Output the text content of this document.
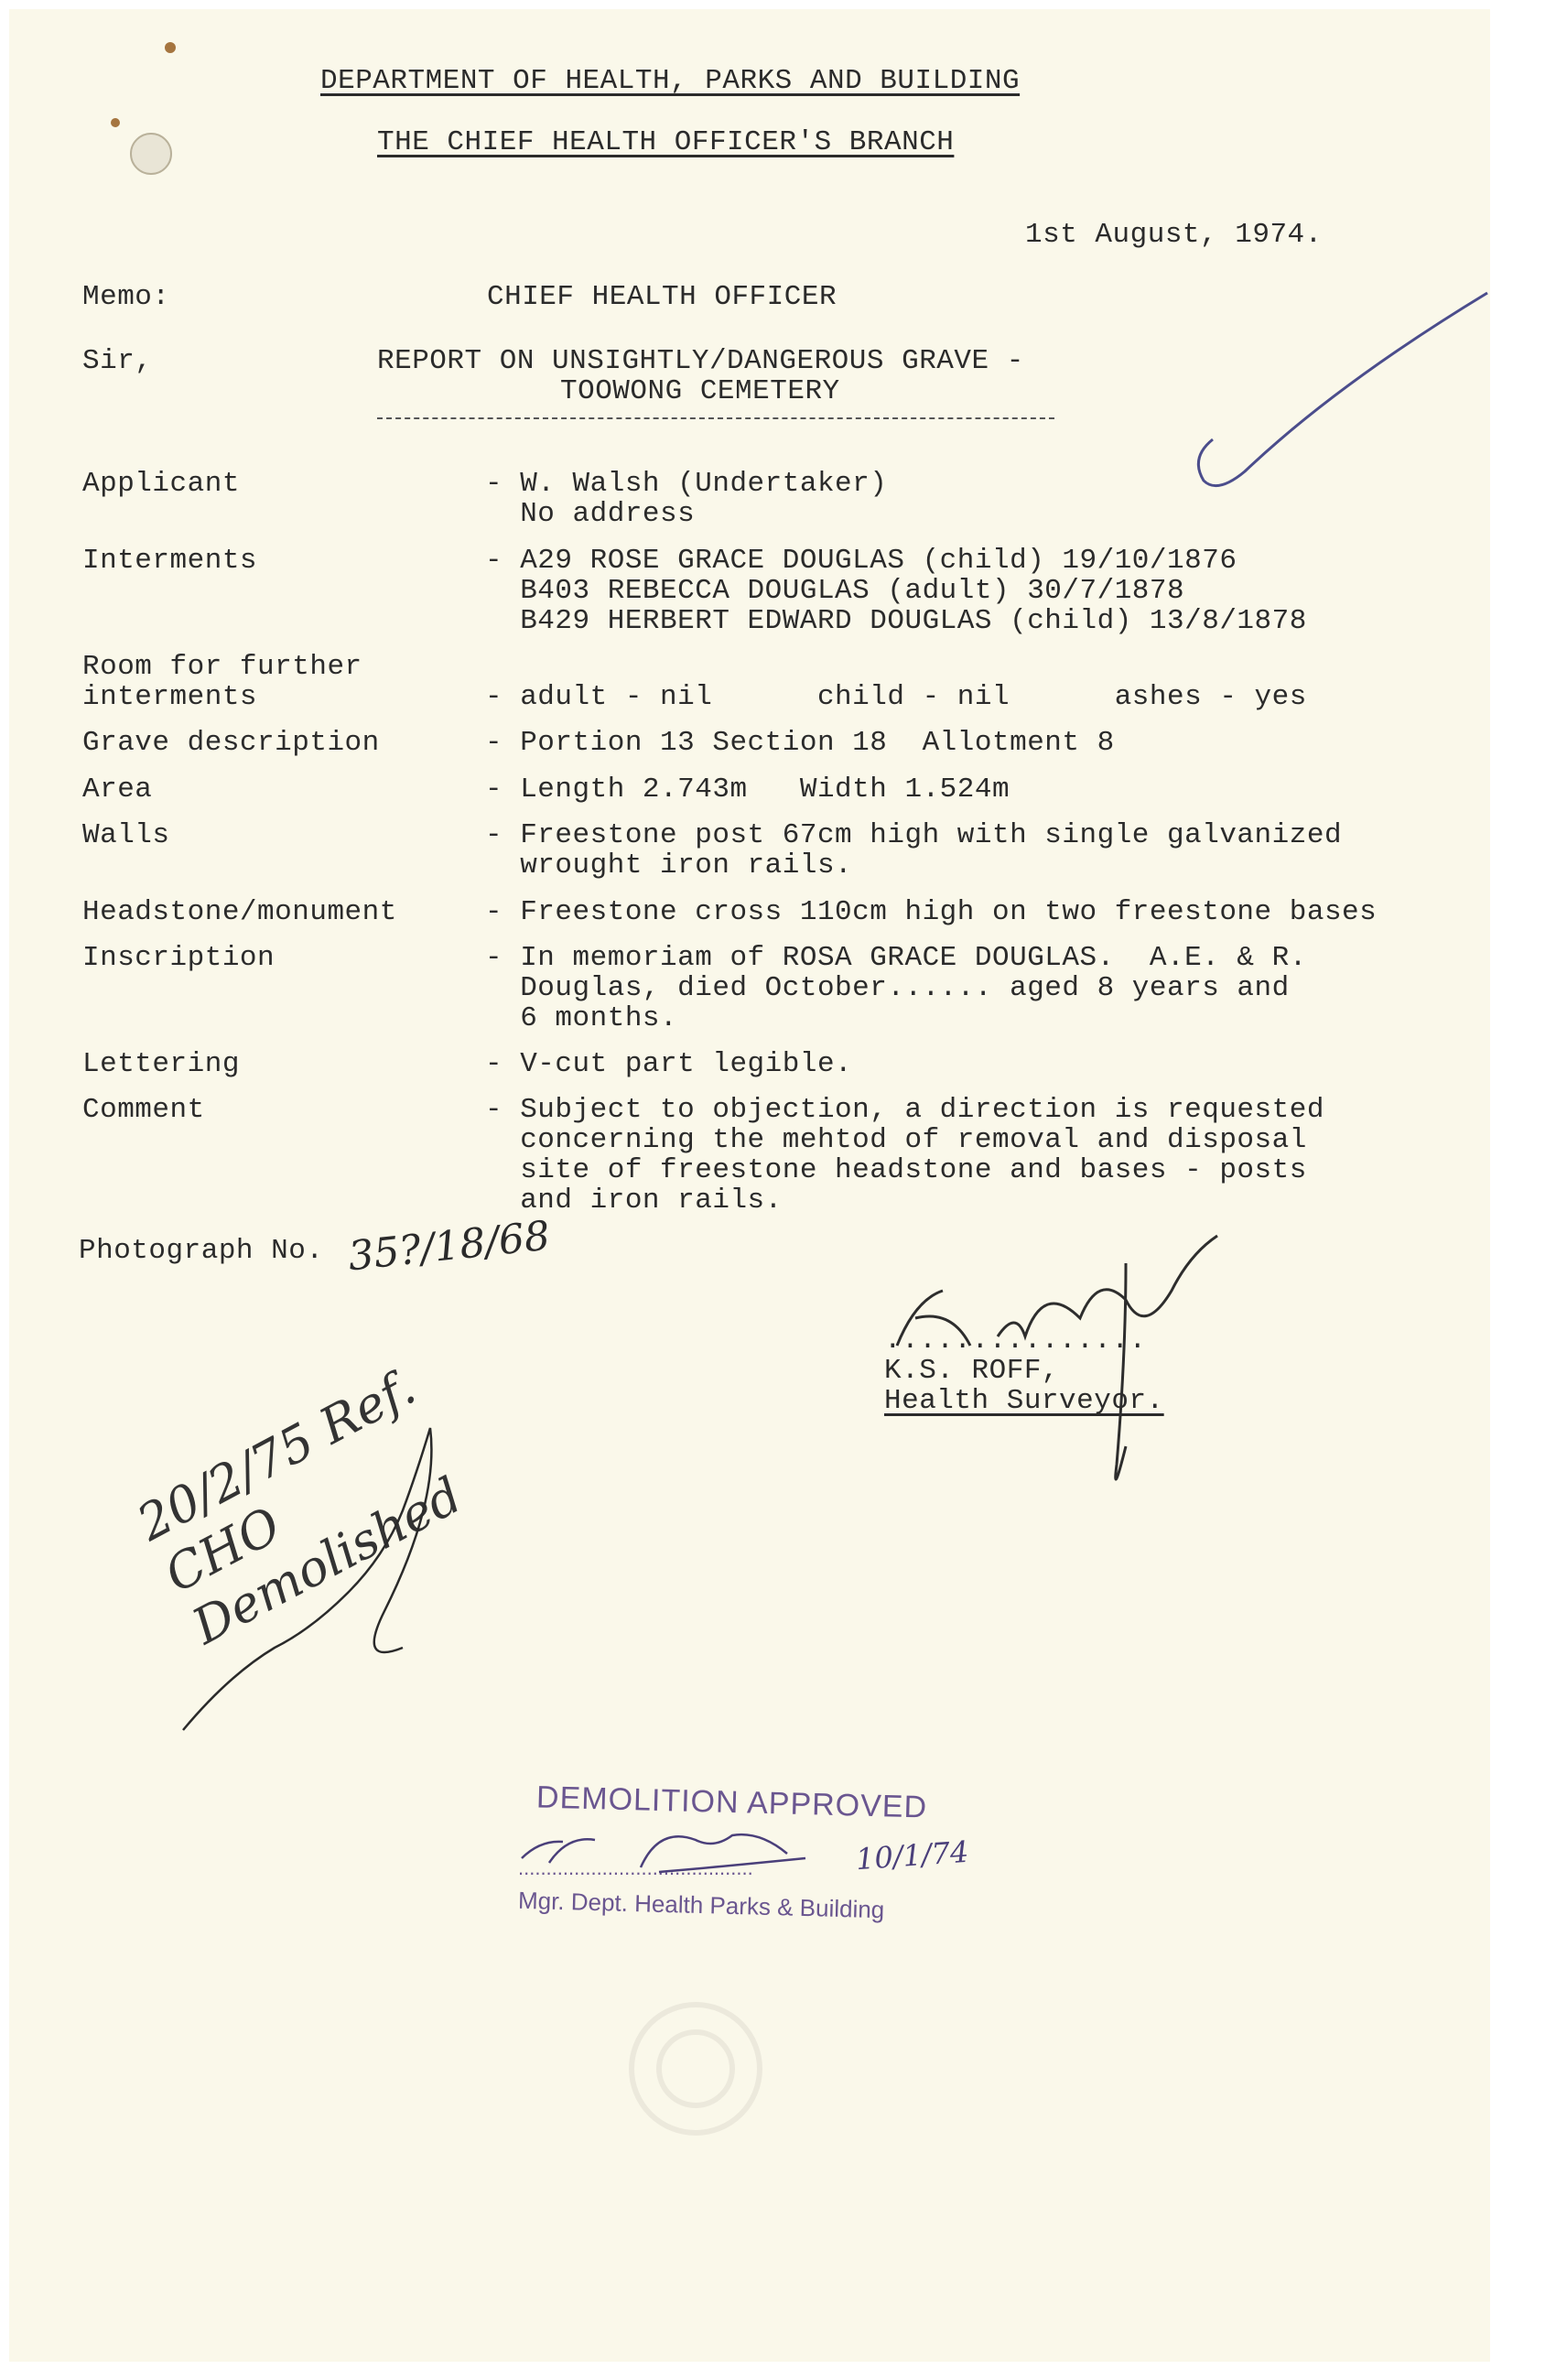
DEPARTMENT OF HEALTH, PARKS AND BUILDING
THE CHIEF HEALTH OFFICER'S BRANCH
1st August, 1974.
Memo:	CHIEF HEALTH OFFICER
Sir,	REPORT ON UNSIGHTLY/DANGEROUS GRAVE -
TOOWONG CEMETERY
Applicant	- W. Walsh (Undertaker)
No address
Interments	- A29 ROSE GRACE DOUGLAS (child) 19/10/1876
B403 REBECCA DOUGLAS (adult) 30/7/1878
B429 HERBERT EDWARD DOUGLAS (child) 13/8/1878
Room for further
interments	- adult - nil      child - nil      ashes - yes
Grave description	- Portion 13 Section 18  Allotment 8
Area	- Length 2.743m   Width 1.524m
Walls	- Freestone post 67cm high with single galvanized
wrought iron rails.
Headstone/monument	- Freestone cross 110cm high on two freestone bases
Inscription	- In memoriam of ROSA GRACE DOUGLAS.  A.E. & R.
Douglas, died October...... aged 8 years and
6 months.
Lettering	- V-cut part legible.
Comment	- Subject to objection, a direction is requested
concerning the mehtod of removal and disposal
site of freestone headstone and bases - posts
and iron rails.
Photograph No. 35?/18/68
...............
K.S. ROFF,
Health Surveyor.
20/2/75 Ref. CHO Demolished
DEMOLITION APPROVED
..........................................	10/1/74
Mgr. Dept. Health Parks & Building
